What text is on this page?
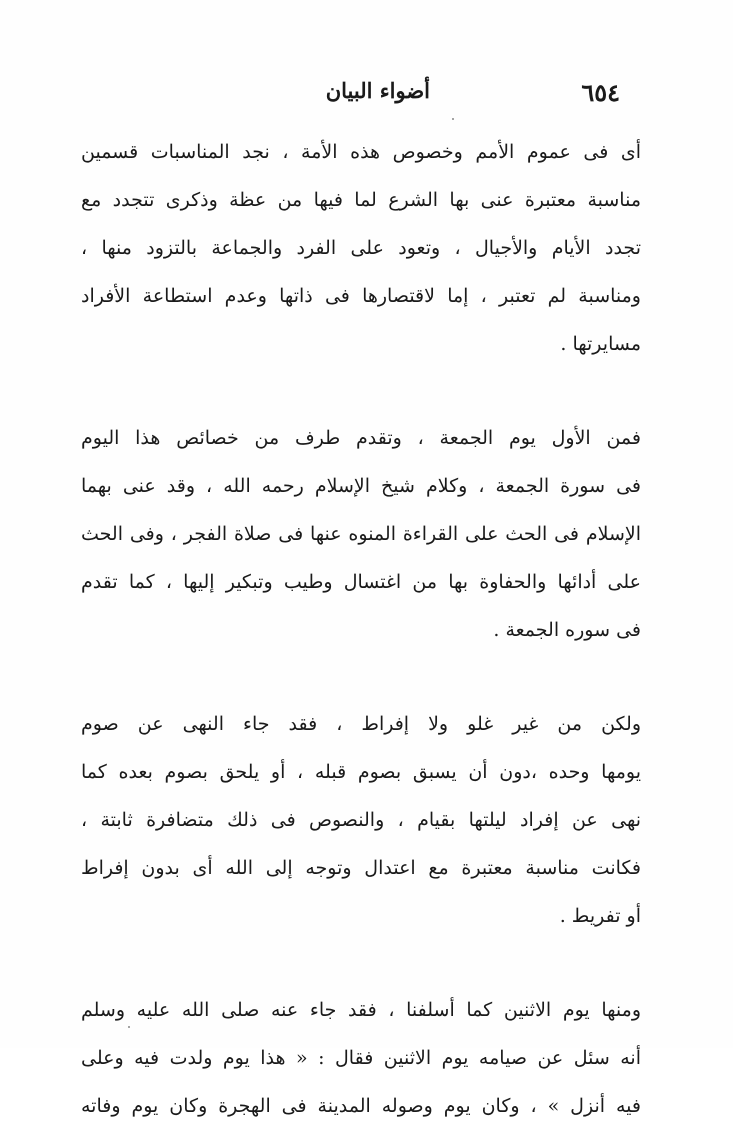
٦٥٤
أضواء البيان
أى فى عموم الأمم وخصوص هذه الأمة ، نجد المناسبات قسمين
مناسبة معتبرة عنى بها الشرع لما فيها من عظة وذكرى تتجدد مع
تجدد الأيام والأجيال ، وتعود على الفرد والجماعة بالتزود منها ،
ومناسبة لم تعتبر ، إما لاقتصارها فى ذاتها وعدم استطاعة الأفراد
مسايرتها .
فمن الأول يوم الجمعة ، وتقدم طرف من خصائص هذا اليوم
فى سورة الجمعة ، وكلام شيخ الإسلام رحمه الله ، وقد عنى بهما
الإسلام فى الحث على القراءة المنوه عنها فى صلاة الفجر ، وفى الحث
على أدائها والحفاوة بها من اغتسال وطيب وتبكير إليها ، كما تقدم
فى سوره الجمعة .
ولكن من غير غلو ولا إفراط ، فقد جاء النهى عن صوم
يومها وحده ،دون أن يسبق بصوم قبله ، أو يلحق بصوم بعده كما
نهى عن إفراد ليلتها بقيام ، والنصوص فى ذلك متضافرة ثابتة ،
فكانت مناسبة معتبرة مع اعتدال وتوجه إلى الله أى بدون إفراط
أو تفريط .
ومنها يوم الاثنين كما أسلفنا ، فقد جاء عنه صلى الله عليه وسلم
أنه سئل عن صيامه يوم الاثنين فقال : « هذا يوم ولدت فيه وعلى
فيه أنزل » ، وكان يوم وصوله المدينة فى الهجرة وكان يوم وفاته
